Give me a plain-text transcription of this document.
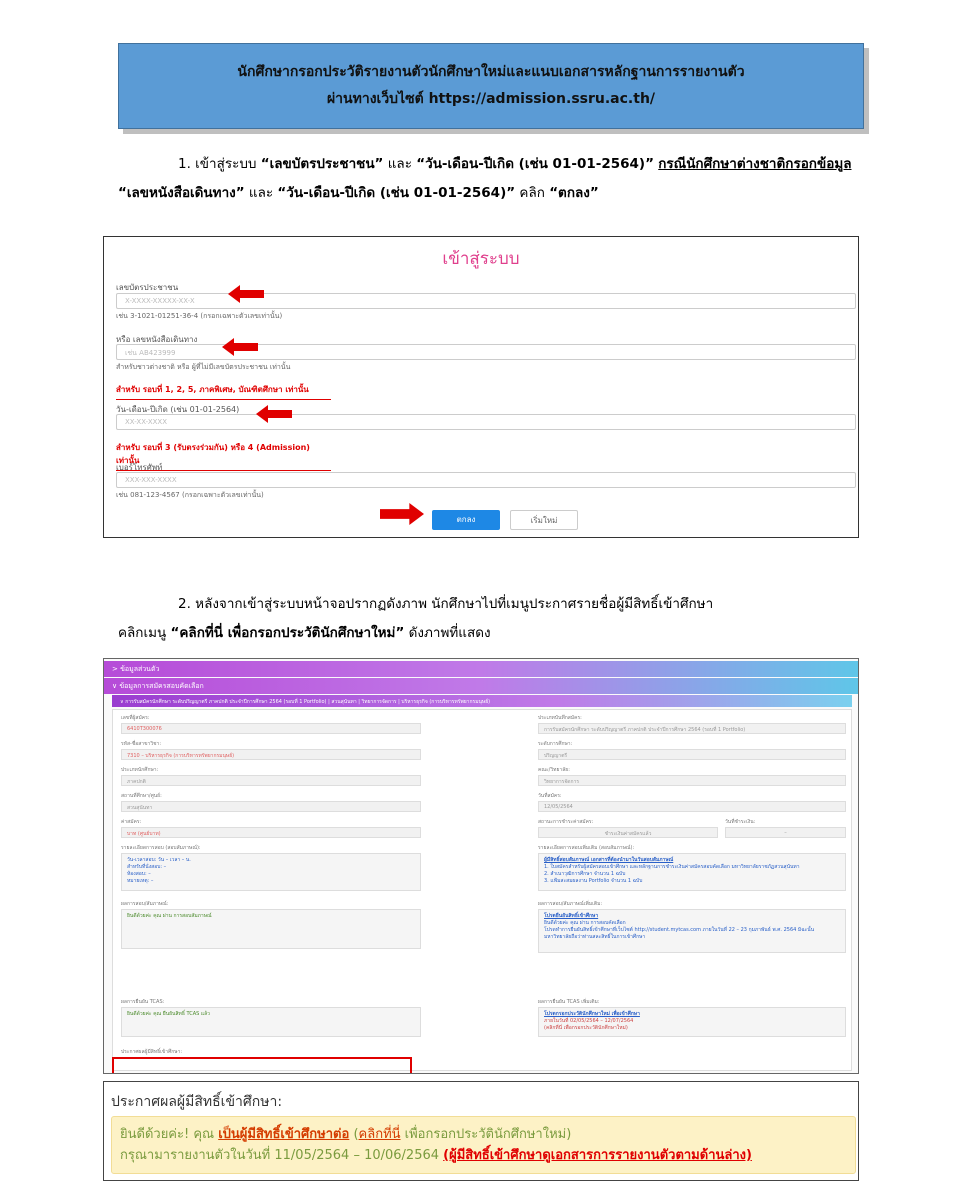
นักศึกษากรอกประวัติรายงานตัวนักศึกษาใหม่และแนบเอกสารหลักฐานการรายงานตัว
ผ่านทางเว็บไซต์ https://admission.ssru.ac.th/
1. เข้าสู่ระบบ “เลขบัตรประชาชน” และ “วัน-เดือน-ปีเกิด (เช่น 01-01-2564)” กรณีนักศึกษาต่างชาติกรอกข้อมูล “เลขหนังสือเดินทาง” และ “วัน-เดือน-ปีเกิด (เช่น 01-01-2564)” คลิก “ตกลง”
เข้าสู่ระบบ
เลขบัตรประชาชน
X-XXXX-XXXXX-XX-X
เช่น 3-1021-01251-36-4 (กรอกเฉพาะตัวเลขเท่านั้น)
หรือ เลขหนังสือเดินทาง
เช่น AB423999
สำหรับชาวต่างชาติ หรือ ผู้ที่ไม่มีเลขบัตรประชาชน เท่านั้น
สำหรับ รอบที่ 1, 2, 5, ภาคพิเศษ, บัณฑิตศึกษา เท่านั้น
วัน-เดือน-ปีเกิด (เช่น 01-01-2564)
XX-XX-XXXX
สำหรับ รอบที่ 3 (รับตรงร่วมกัน) หรือ 4 (Admission) เท่านั้น
เบอร์โทรศัพท์
XXX-XXX-XXXX
เช่น 081-123-4567 (กรอกเฉพาะตัวเลขเท่านั้น)
ตกลง	เริ่มใหม่
2. หลังจากเข้าสู่ระบบหน้าจอปรากฏดังภาพ นักศึกษาไปที่เมนูประกาศรายชื่อผู้มีสิทธิ์เข้าศึกษา
คลิกเมนู “คลิกที่นี่ เพื่อกรอกประวัตินักศึกษาใหม่” ดังภาพที่แสดง
> ข้อมูลส่วนตัว
∨ ข้อมูลการสมัครสอบคัดเลือก
∨ การรับสมัครนักศึกษา ระดับปริญญาตรี ภาคปกติ ประจำปีการศึกษา 2564 (รอบที่ 1 Portfolio) | สวนสุนันทา | วิทยาการจัดการ | บริหารธุรกิจ (การบริหารทรัพยากรมนุษย์)
เลขที่ผู้สมัคร:
6410Т300076
รหัส-ชื่อสาขาวิชา:
7310 – บริหารธุรกิจ (การบริหารทรัพยากรมนุษย์)
ประเภทนักศึกษา:
ภาคปกติ
สถานที่ศึกษา/ศูนย์:
สวนสุนันทา
ค่าสมัคร:
บาท (ศูนย์บาท)
รายละเอียดการสอบ (สอบสัมภาษณ์):
วัน-เวลาสอบ: วัน – เวลา – น.
สำหรับที่นั่งสอบ: –
ห้องสอบ: –
หมายเหตุ: –
ผลการสอบ/สัมภาษณ์:
ยินดีด้วยค่ะ คุณ ผ่าน การสอบสัมภาษณ์
ผลการยืนยัน TCAS:
ยินดีด้วยค่ะ คุณ ยืนยันสิทธิ์ TCAS แล้ว
ประเภทบันทึกสมัคร:
การรับสมัครนักศึกษา ระดับปริญญาตรี ภาคปกติ ประจำปีการศึกษา 2564 (รอบที่ 1 Portfolio)
ระดับการศึกษา:
ปริญญาตรี
คณะ/วิทยาลัย:
วิทยาการจัดการ
วันที่สมัคร:
12/05/2564
สถานะการชำระค่าสมัคร:
ชำระเงินค่าสมัครแล้ว
วันที่ชำระเงิน:
–
รายละเอียดการสอบเพิ่มเติม (สอบสัมภาษณ์):
ผู้มีสิทธิ์สอบสัมภาษณ์ เอกสารที่ต้องนำมาในวันสอบสัมภาษณ์
1. ใบสมัครสำหรับผู้สมัครสอบเข้าศึกษา และหลักฐานการชำระเงินค่าสมัครสอบคัดเลือก มหาวิทยาลัยราชภัฏสวนสุนันทา
2. สำเนาวุฒิการศึกษา จำนวน 1 ฉบับ
3. แฟ้มสะสมผลงาน Portfolio จำนวน 1 ฉบับ
ผลการสอบ/สัมภาษณ์เพิ่มเติม:
โปรดยืนยันสิทธิ์เข้าศึกษา
ยินดีด้วยค่ะ คุณ ผ่าน การสอบคัดเลือก
โปรดทำการยืนยันสิทธิ์เข้าศึกษาที่เว็บไซต์ http://student.mytcas.com ภายในวันที่ 22 – 23 กุมภาพันธ์ พ.ศ. 2564 มิฉะนั้น มหาวิทยาลัยถือว่าท่านสละสิทธิ์ในการเข้าศึกษา
ผลการยืนยัน TCAS เพิ่มเติม:
โปรดกรอกประวัตินักศึกษาใหม่ เพื่อเข้าศึกษา
ภายในวันที่ 02/05/2564 – 12/07/2564
(คลิกที่นี่ เพื่อกรอกประวัตินักศึกษาใหม่)
ประกาศผลผู้มีสิทธิ์เข้าศึกษา:
ประกาศผลผู้มีสิทธิ์เข้าศึกษา:
ยินดีด้วยค่ะ! คุณ เป็นผู้มีสิทธิ์เข้าศึกษาต่อ (คลิกที่นี่ เพื่อกรอกประวัตินักศึกษาใหม่)
กรุณามารายงานตัวในวันที่ 11/05/2564 – 10/06/2564 (ผู้มีสิทธิ์เข้าศึกษาดูเอกสารการรายงานตัวตามด้านล่าง)
